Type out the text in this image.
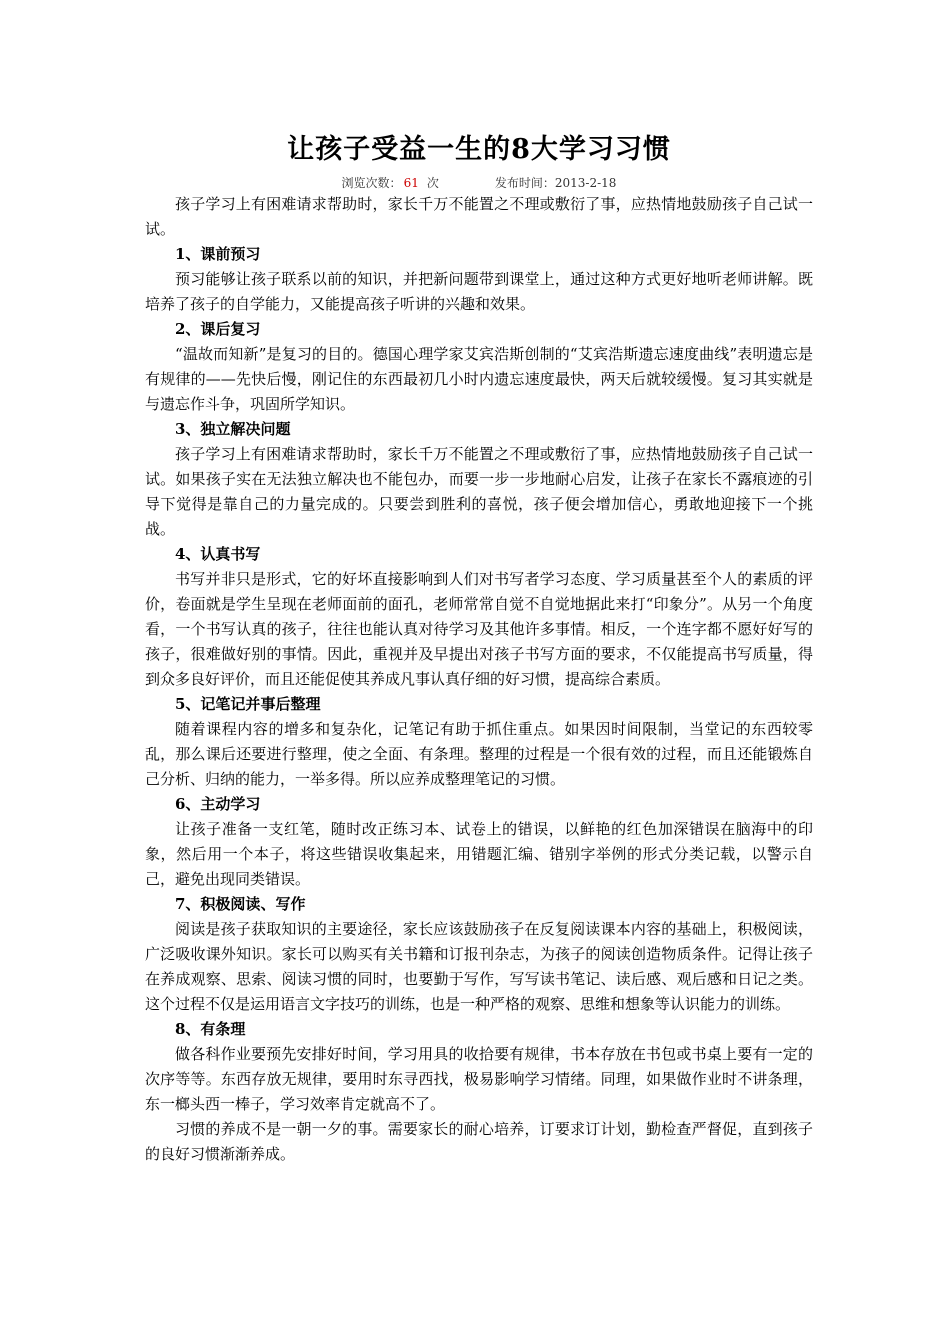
让孩子受益一生的8大学习习惯
浏览次数： 61 次	发布时间：2013-2-18

孩子学习上有困难请求帮助时，家长千万不能置之不理或敷衍了事，应热情地鼓励孩子自己试一试。

1、课前预习

预习能够让孩子联系以前的知识，并把新问题带到课堂上，通过这种方式更好地听老师讲解。既培养了孩子的自学能力，又能提高孩子听讲的兴趣和效果。

2、课后复习

“温故而知新”是复习的目的。德国心理学家艾宾浩斯创制的“艾宾浩斯遗忘速度曲线”表明遗忘是有规律的——先快后慢，刚记住的东西最初几小时内遗忘速度最快，两天后就较缓慢。复习其实就是与遗忘作斗争，巩固所学知识。

3、独立解决问题

孩子学习上有困难请求帮助时，家长千万不能置之不理或敷衍了事，应热情地鼓励孩子自己试一试。如果孩子实在无法独立解决也不能包办，而要一步一步地耐心启发，让孩子在家长不露痕迹的引导下觉得是靠自己的力量完成的。只要尝到胜利的喜悦，孩子便会增加信心，勇敢地迎接下一个挑战。

4、认真书写

书写并非只是形式，它的好坏直接影响到人们对书写者学习态度、学习质量甚至个人的素质的评价，卷面就是学生呈现在老师面前的面孔，老师常常自觉不自觉地据此来打“印象分”。从另一个角度看，一个书写认真的孩子，往往也能认真对待学习及其他许多事情。相反，一个连字都不愿好好写的孩子，很难做好别的事情。因此，重视并及早提出对孩子书写方面的要求，不仅能提高书写质量，得到众多良好评价，而且还能促使其养成凡事认真仔细的好习惯，提高综合素质。

5、记笔记并事后整理

随着课程内容的增多和复杂化，记笔记有助于抓住重点。如果因时间限制，当堂记的东西较零乱，那么课后还要进行整理，使之全面、有条理。整理的过程是一个很有效的过程，而且还能锻炼自己分析、归纳的能力，一举多得。所以应养成整理笔记的习惯。

6、主动学习

让孩子准备一支红笔，随时改正练习本、试卷上的错误，以鲜艳的红色加深错误在脑海中的印象，然后用一个本子，将这些错误收集起来，用错题汇编、错别字举例的形式分类记载，以警示自己，避免出现同类错误。

7、积极阅读、写作

阅读是孩子获取知识的主要途径，家长应该鼓励孩子在反复阅读课本内容的基础上，积极阅读，广泛吸收课外知识。家长可以购买有关书籍和订报刊杂志，为孩子的阅读创造物质条件。记得让孩子在养成观察、思索、阅读习惯的同时，也要勤于写作，写写读书笔记、读后感、观后感和日记之类。这个过程不仅是运用语言文字技巧的训练，也是一种严格的观察、思维和想象等认识能力的训练。

8、有条理

做各科作业要预先安排好时间，学习用具的收拾要有规律，书本存放在书包或书桌上要有一定的次序等等。东西存放无规律，要用时东寻西找，极易影响学习情绪。同理，如果做作业时不讲条理，东一榔头西一棒子，学习效率肯定就高不了。

习惯的养成不是一朝一夕的事。需要家长的耐心培养，订要求订计划，勤检查严督促，直到孩子的良好习惯渐渐养成。
